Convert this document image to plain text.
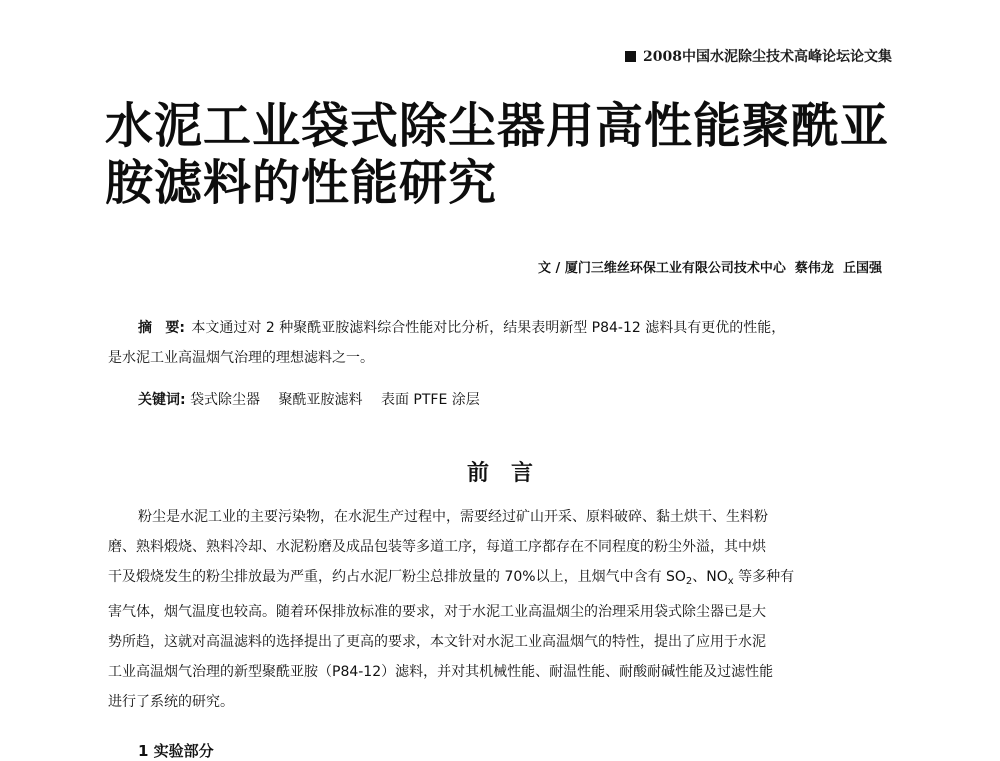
2008中国水泥除尘技术高峰论坛论文集
水泥工业袋式除尘器用高性能聚酰亚
胺滤料的性能研究
文 / 厦门三维丝环保工业有限公司技术中心 蔡伟龙 丘国强
摘 要: 本文通过对 2 种聚酰亚胺滤料综合性能对比分析，结果表明新型 P84-12 滤料具有更优的性能，
是水泥工业高温烟气治理的理想滤料之一。
关键词: 袋式除尘器 聚酰亚胺滤料 表面 PTFE 涂层
前言
粉尘是水泥工业的主要污染物，在水泥生产过程中，需要经过矿山开采、原料破碎、黏土烘干、生料粉
磨、熟料煅烧、熟料冷却、水泥粉磨及成品包装等多道工序，每道工序都存在不同程度的粉尘外溢，其中烘
干及煅烧发生的粉尘排放最为严重，约占水泥厂粉尘总排放量的 70%以上，且烟气中含有 $SO_2$、$NO_x$ 等多种有
害气体，烟气温度也较高。随着环保排放标准的要求，对于水泥工业高温烟尘的治理采用袋式除尘器已是大
势所趋，这就对高温滤料的选择提出了更高的要求，本文针对水泥工业高温烟气的特性，提出了应用于水泥
工业高温烟气治理的新型聚酰亚胺（P84-12）滤料，并对其机械性能、耐温性能、耐酸耐碱性能及过滤性能
进行了系统的研究。
1 实验部分
